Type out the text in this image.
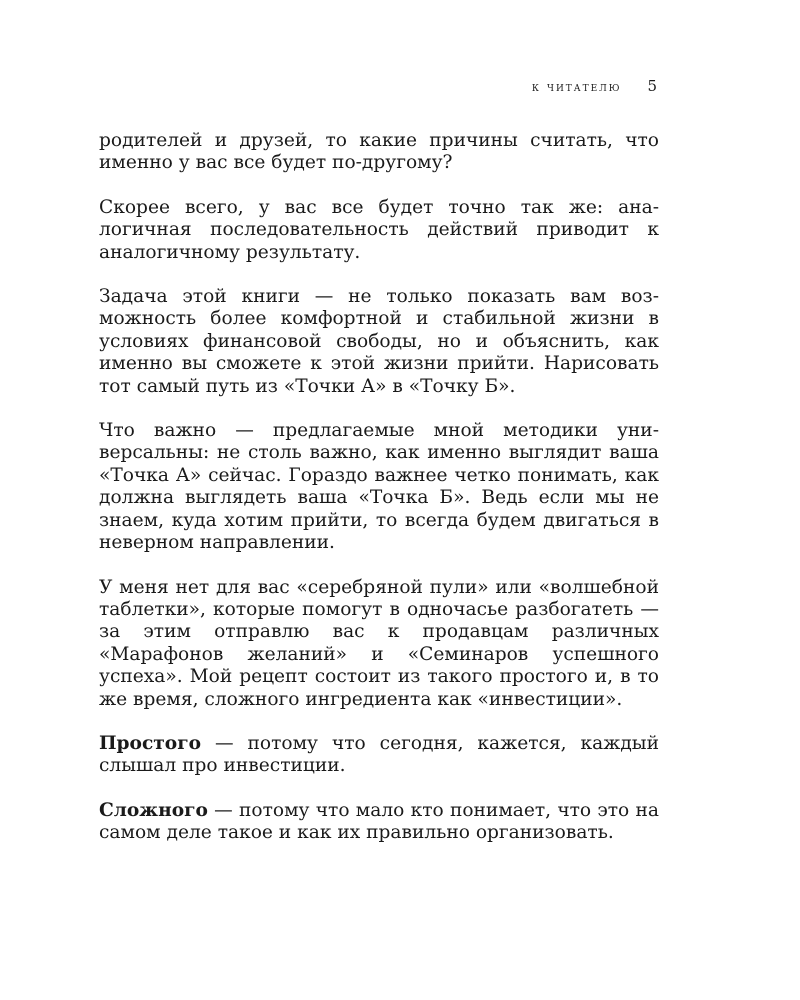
к читателю 5

родителей и друзей, то какие причины считать, что именно у вас все будет по-другому?

Скорее всего, у вас все будет точно так же: аналогичная последовательность действий приводит к аналогичному результату.

Задача этой книги — не только показать вам возможность более комфортной и стабильной жизни в условиях финансовой свободы, но и объяснить, как именно вы сможете к этой жизни прийти. Нарисовать тот самый путь из «Точки А» в «Точку Б».

Что важно — предлагаемые мной методики универсальны: не столь важно, как именно выглядит ваша «Точка А» сейчас. Гораздо важнее четко понимать, как должна выглядеть ваша «Точка Б». Ведь если мы не знаем, куда хотим прийти, то всегда будем двигаться в неверном направлении.

У меня нет для вас «серебряной пули» или «волшебной таблетки», которые помогут в одночасье разбогатеть — за этим отправлю вас к продавцам различных «Марафонов желаний» и «Семинаров успешного успеха». Мой рецепт состоит из такого простого и, в то же время, сложного ингредиента как «инвестиции».

Простого — потому что сегодня, кажется, каждый слышал про инвестиции.

Сложного — потому что мало кто понимает, что это на самом деле такое и как их правильно организовать.
